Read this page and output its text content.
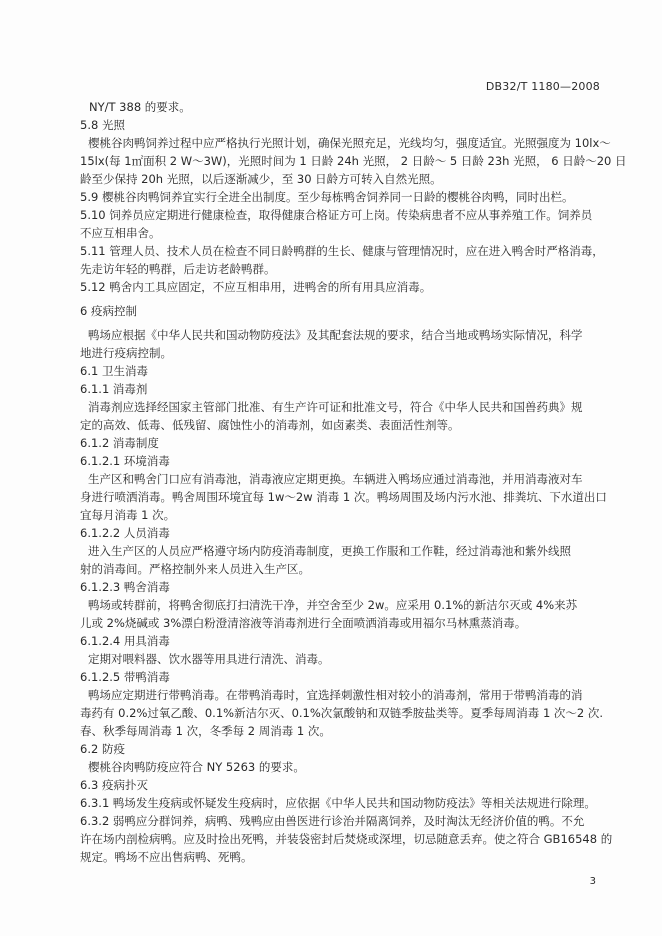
DB32/T 1180—2008
NY/T 388 的要求。
5.8 光照
樱桃谷肉鸭饲养过程中应严格执行光照计划，确保光照充足，光线均匀，强度适宜。光照强度为 10lx～
15lx(每 1㎡面积 2 W～3W)，光照时间为 1 日龄 24h 光照， 2 日龄～ 5 日龄 23h 光照， 6 日龄～20 日
龄至少保持 20h 光照，以后逐渐减少，至 30 日龄方可转入自然光照。
5.9 樱桃谷肉鸭饲养宜实行全进全出制度。至少每栋鸭舍饲养同一日龄的樱桃谷肉鸭，同时出栏。
5.10 饲养员应定期进行健康检查，取得健康合格证方可上岗。传染病患者不应从事养殖工作。饲养员
不应互相串舍。
5.11 管理人员、技术人员在检查不同日龄鸭群的生长、健康与管理情况时，应在进入鸭舍时严格消毒，
先走访年轻的鸭群，后走访老龄鸭群。
5.12 鸭舍内工具应固定，不应互相串用，进鸭舍的所有用具应消毒。
6 疫病控制
鸭场应根据《中华人民共和国动物防疫法》及其配套法规的要求，结合当地或鸭场实际情况，科学
地进行疫病控制。
6.1 卫生消毒
6.1.1 消毒剂
消毒剂应选择经国家主管部门批准、有生产许可证和批准文号，符合《中华人民共和国兽药典》规
定的高效、低毒、低残留、腐蚀性小的消毒剂，如卤素类、表面活性剂等。
6.1.2 消毒制度
6.1.2.1 环境消毒
生产区和鸭舍门口应有消毒池，消毒液应定期更换。车辆进入鸭场应通过消毒池，并用消毒液对车
身进行喷洒消毒。鸭舍周围环境宜每 1w～2w 消毒 1 次。鸭场周围及场内污水池、排粪坑、下水道出口
宜每月消毒 1 次。
6.1.2.2 人员消毒
进入生产区的人员应严格遵守场内防疫消毒制度，更换工作服和工作鞋，经过消毒池和紫外线照
射的消毒间。严格控制外来人员进入生产区。
6.1.2.3 鸭舍消毒
鸭场或转群前，将鸭舍彻底打扫清洗干净，并空舍至少 2w。应采用 0.1%的新洁尔灭或 4%来苏
儿或 2%烧碱或 3%漂白粉澄清溶液等消毒剂进行全面喷洒消毒或用福尔马林熏蒸消毒。
6.1.2.4 用具消毒
定期对喂料器、饮水器等用具进行清洗、消毒。
6.1.2.5 带鸭消毒
鸭场应定期进行带鸭消毒。在带鸭消毒时，宜选择刺激性相对较小的消毒剂，常用于带鸭消毒的消
毒药有 0.2%过氧乙酸、0.1%新洁尔灭、0.1%次氯酸钠和双链季胺盐类等。夏季每周消毒 1 次～2 次.
春、秋季每周消毒 1 次，冬季每 2 周消毒 1 次。
6.2 防疫
樱桃谷肉鸭防疫应符合 NY 5263 的要求。
6.3 疫病扑灭
6.3.1 鸭场发生疫病或怀疑发生疫病时，应依据《中华人民共和国动物防疫法》等相关法规进行除理。
6.3.2 弱鸭应分群饲养，病鸭、残鸭应由兽医进行诊治并隔离饲养，及时淘汰无经济价值的鸭。不允
许在场内剖检病鸭。应及时捡出死鸭，并装袋密封后焚烧或深埋，切忌随意丢弃。使之符合 GB16548 的
规定。鸭场不应出售病鸭、死鸭。
3
